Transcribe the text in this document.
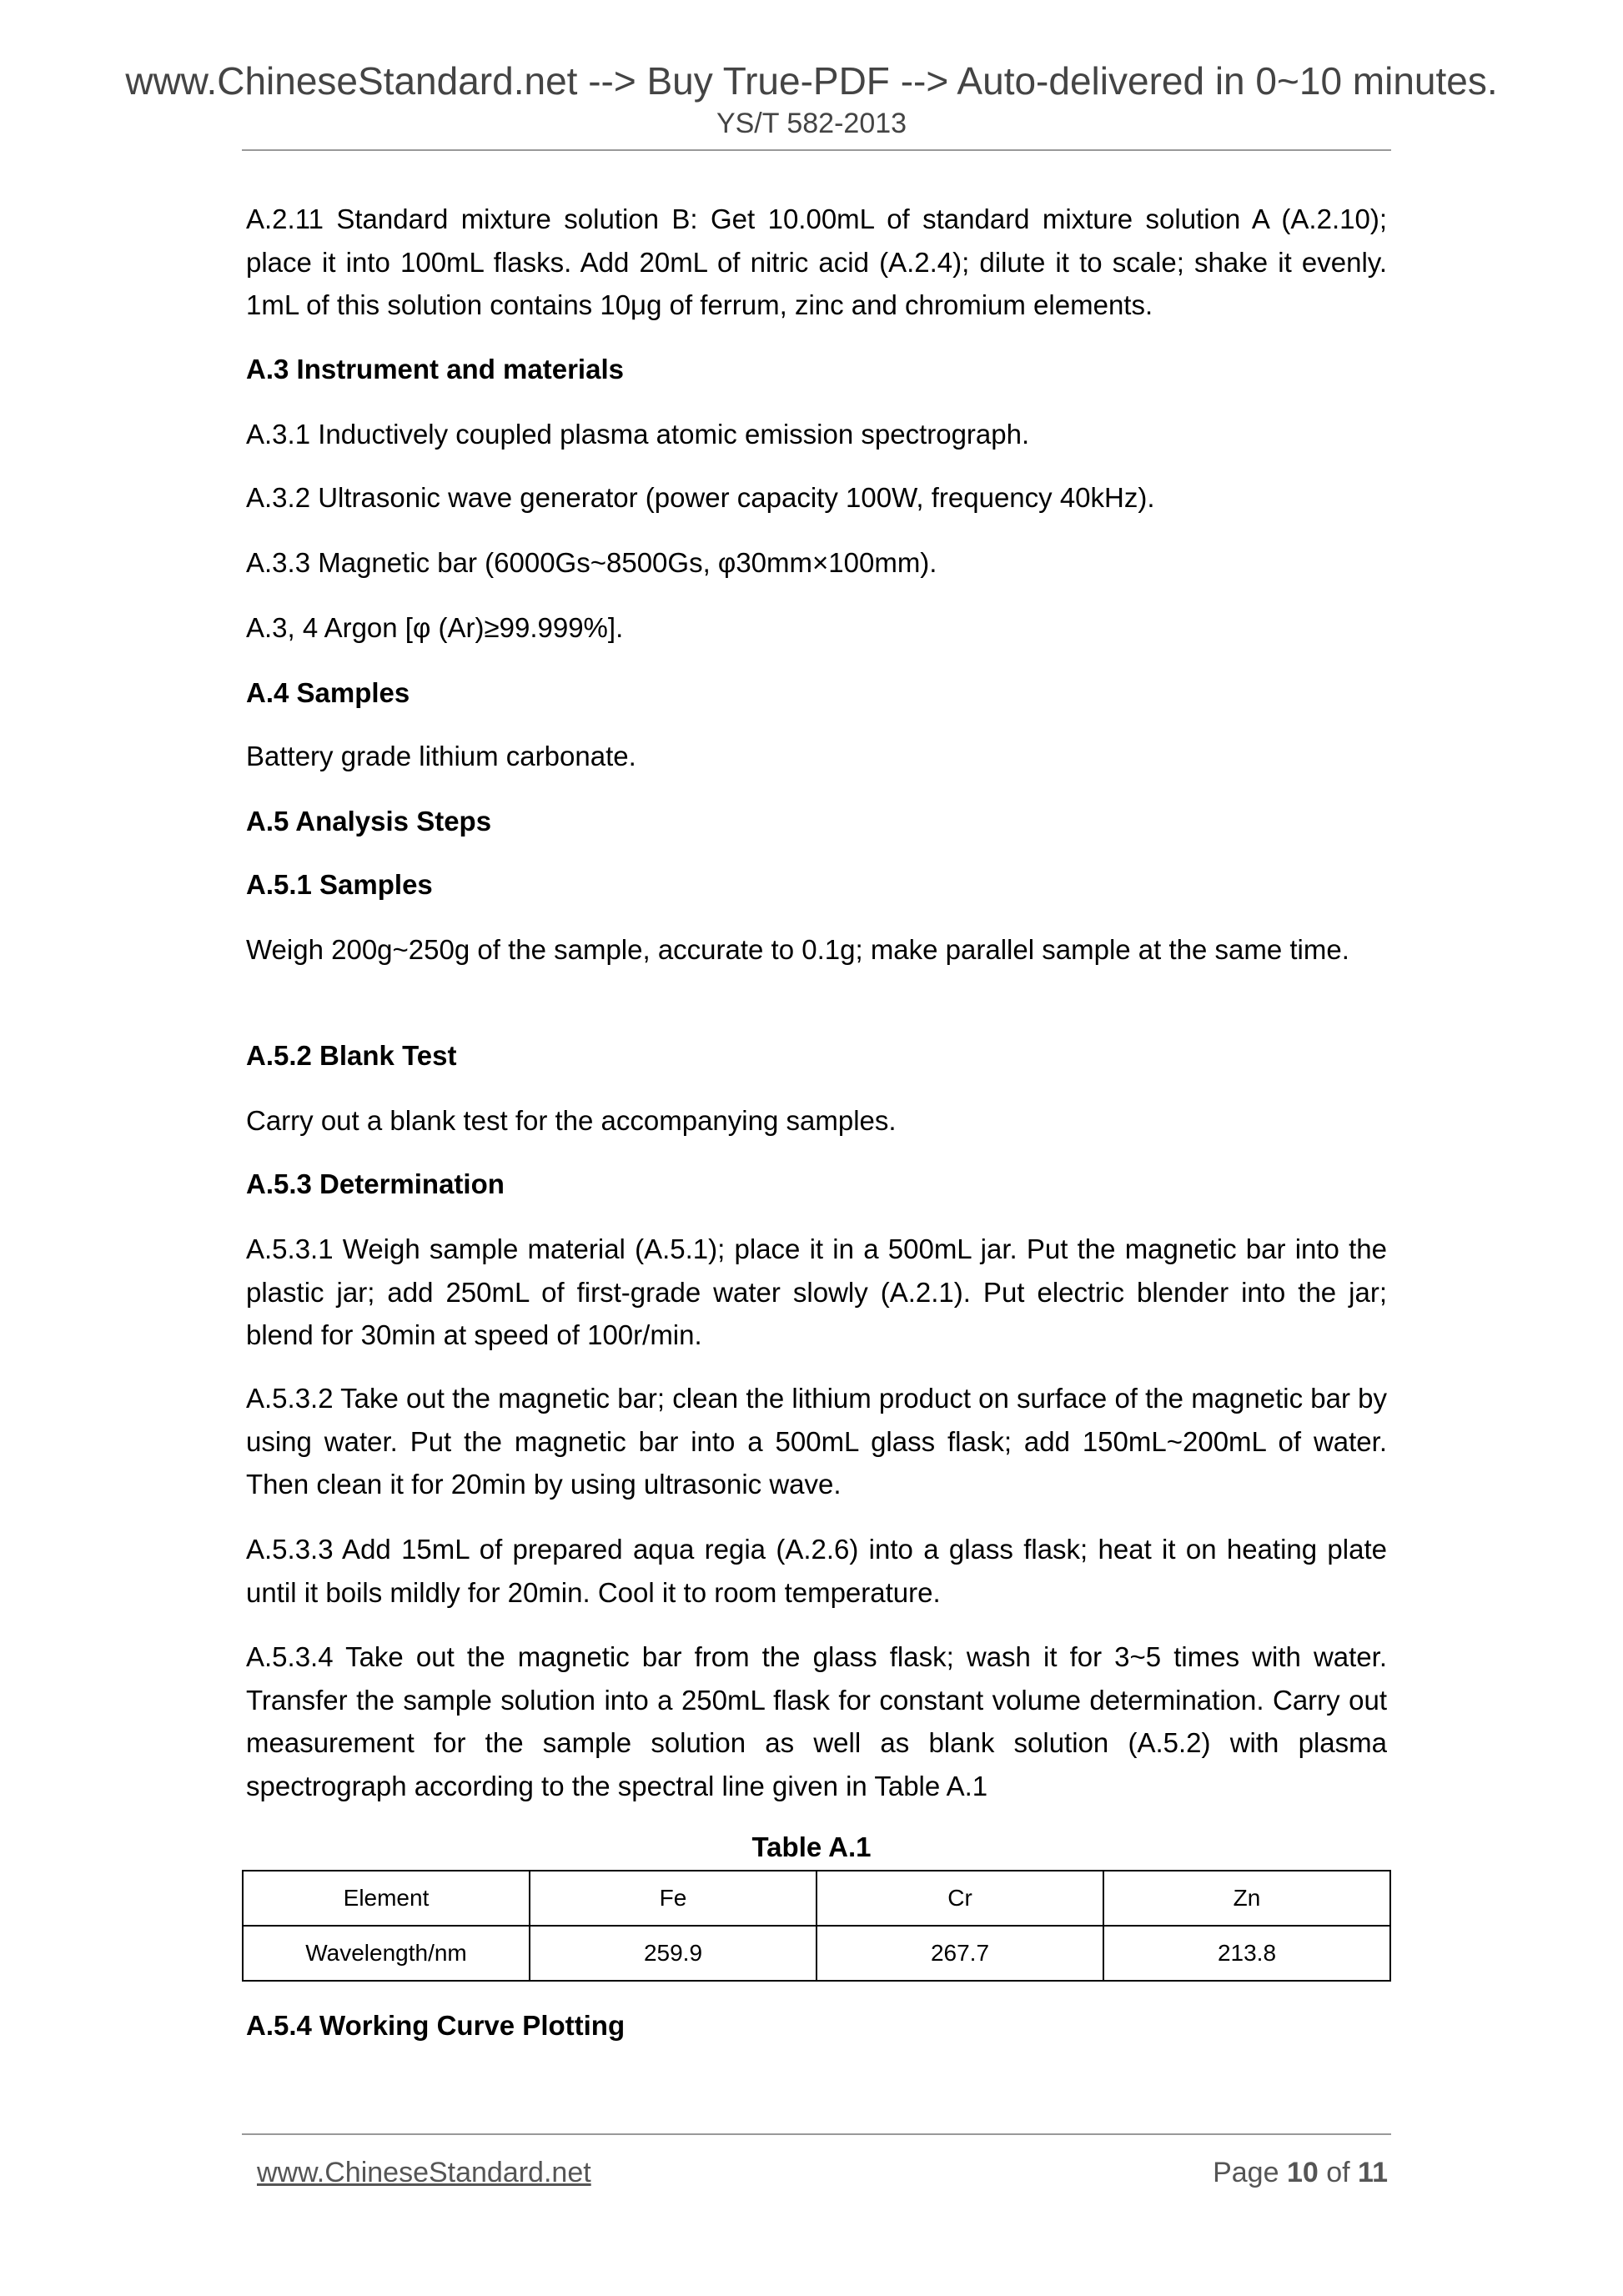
www.ChineseStandard.net --> Buy True-PDF --> Auto-delivered in 0~10 minutes.
YS/T 582-2013
A.2.11 Standard mixture solution B: Get 10.00mL of standard mixture solution A (A.2.10); place it into 100mL flasks. Add 20mL of nitric acid (A.2.4); dilute it to scale; shake it evenly. 1mL of this solution contains 10μg of ferrum, zinc and chromium elements.
A.3 Instrument and materials
A.3.1 Inductively coupled plasma atomic emission spectrograph.
A.3.2 Ultrasonic wave generator (power capacity 100W, frequency 40kHz).
A.3.3 Magnetic bar (6000Gs~8500Gs, φ30mm×100mm).
A.3, 4 Argon [φ (Ar)≥99.999%].
A.4 Samples
Battery grade lithium carbonate.
A.5 Analysis Steps
A.5.1 Samples
Weigh 200g~250g of the sample, accurate to 0.1g; make parallel sample at the same time.
A.5.2 Blank Test
Carry out a blank test for the accompanying samples.
A.5.3 Determination
A.5.3.1 Weigh sample material (A.5.1); place it in a 500mL jar. Put the magnetic bar into the plastic jar; add 250mL of first-grade water slowly (A.2.1). Put electric blender into the jar; blend for 30min at speed of 100r/min.
A.5.3.2 Take out the magnetic bar; clean the lithium product on surface of the magnetic bar by using water. Put the magnetic bar into a 500mL glass flask; add 150mL~200mL of water. Then clean it for 20min by using ultrasonic wave.
A.5.3.3 Add 15mL of prepared aqua regia (A.2.6) into a glass flask; heat it on heating plate until it boils mildly for 20min. Cool it to room temperature.
A.5.3.4 Take out the magnetic bar from the glass flask; wash it for 3~5 times with water. Transfer the sample solution into a 250mL flask for constant volume determination. Carry out measurement for the sample solution as well as blank solution (A.5.2) with plasma spectrograph according to the spectral line given in Table A.1
Table A.1
Element	Fe	Cr	Zn
Wavelength/nm	259.9	267.7	213.8
A.5.4 Working Curve Plotting
www.ChineseStandard.net	Page 10 of 11
